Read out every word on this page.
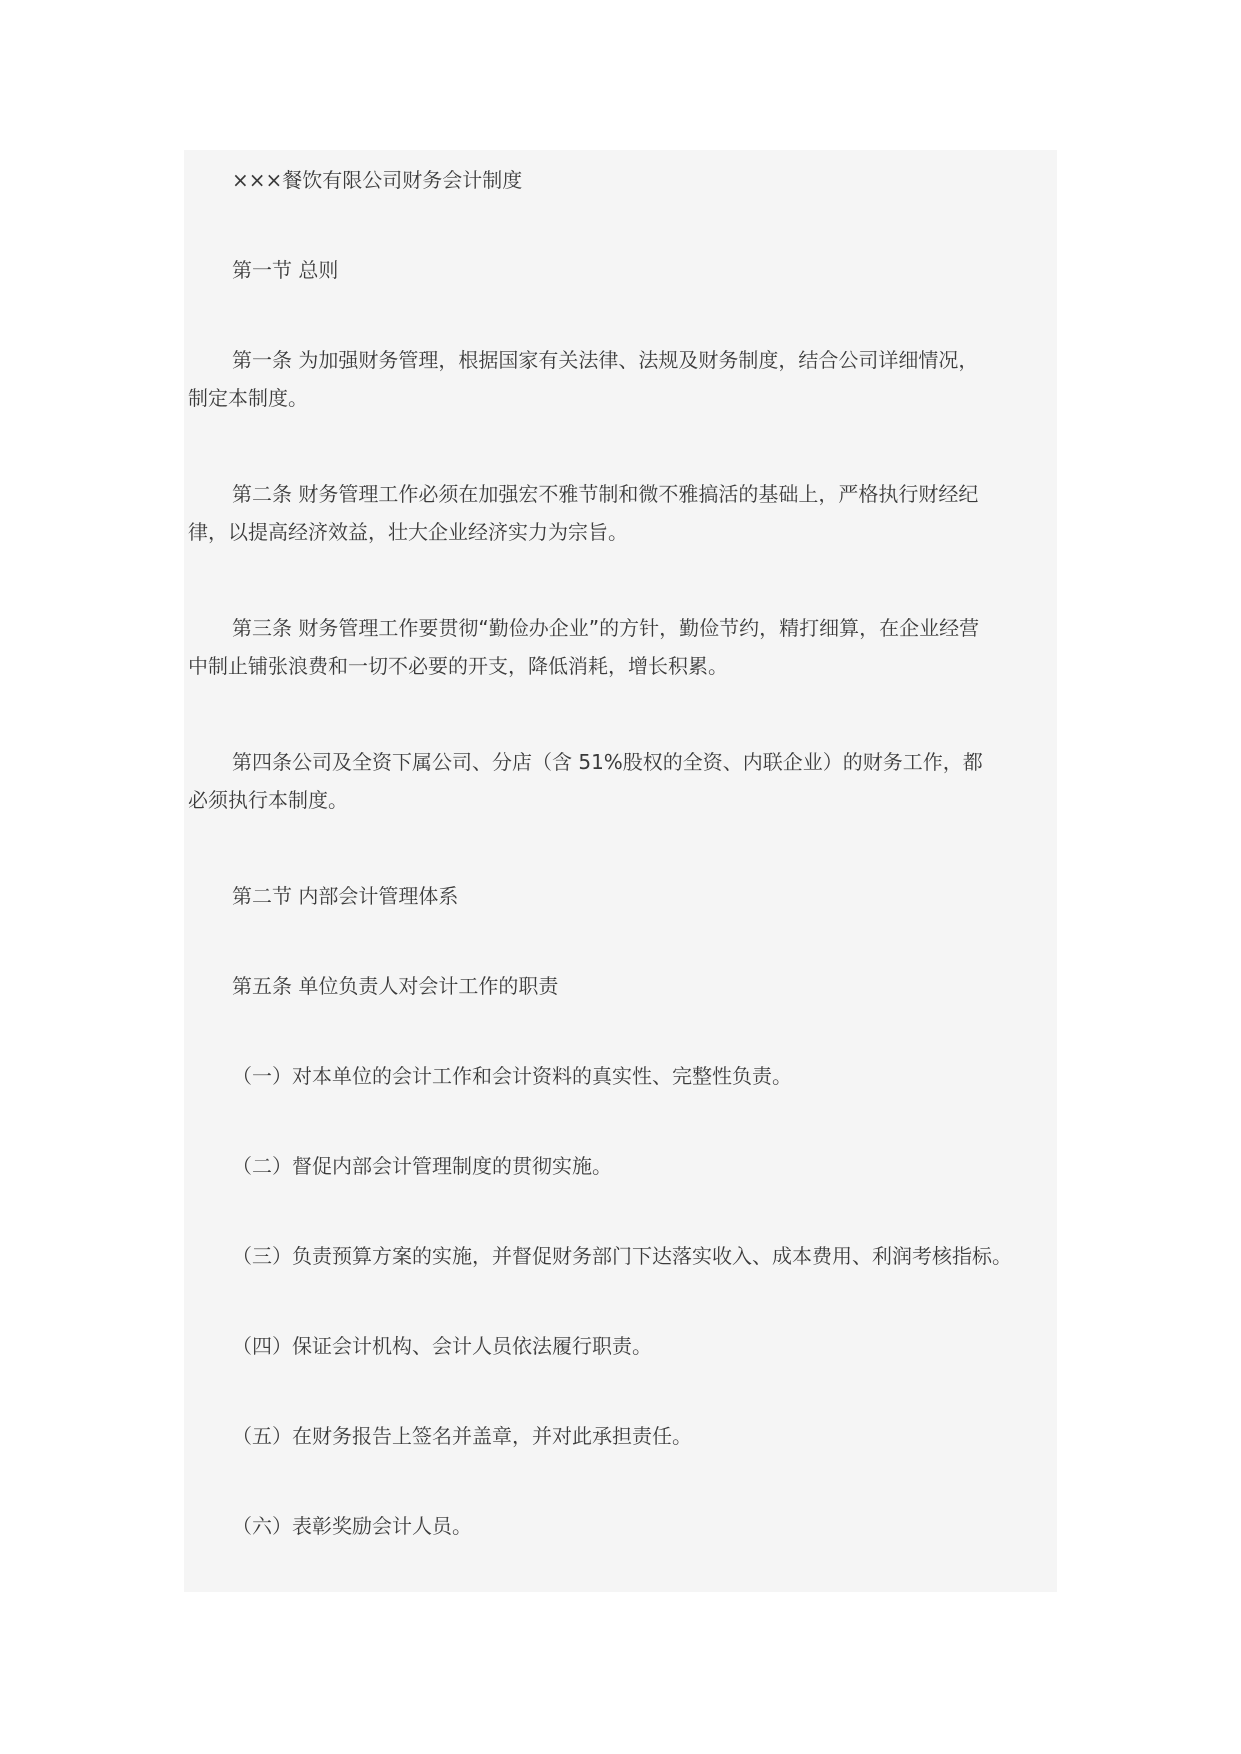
×××餐饮有限公司财务会计制度
第一节 总则
第一条 为加强财务管理，根据国家有关法律、法规及财务制度，结合公司详细情况，
制定本制度。
第二条 财务管理工作必须在加强宏不雅节制和微不雅搞活的基础上，严格执行财经纪
律，以提高经济效益，壮大企业经济实力为宗旨。
第三条 财务管理工作要贯彻“勤俭办企业”的方针，勤俭节约，精打细算，在企业经营
中制止铺张浪费和一切不必要的开支，降低消耗，增长积累。
第四条公司及全资下属公司、分店（含 51%股权的全资、内联企业）的财务工作，都
必须执行本制度。
第二节 内部会计管理体系
第五条 单位负责人对会计工作的职责
（一）对本单位的会计工作和会计资料的真实性、完整性负责。
（二）督促内部会计管理制度的贯彻实施。
（三）负责预算方案的实施，并督促财务部门下达落实收入、成本费用、利润考核指标。
（四）保证会计机构、会计人员依法履行职责。
（五）在财务报告上签名并盖章，并对此承担责任。
（六）表彰奖励会计人员。
